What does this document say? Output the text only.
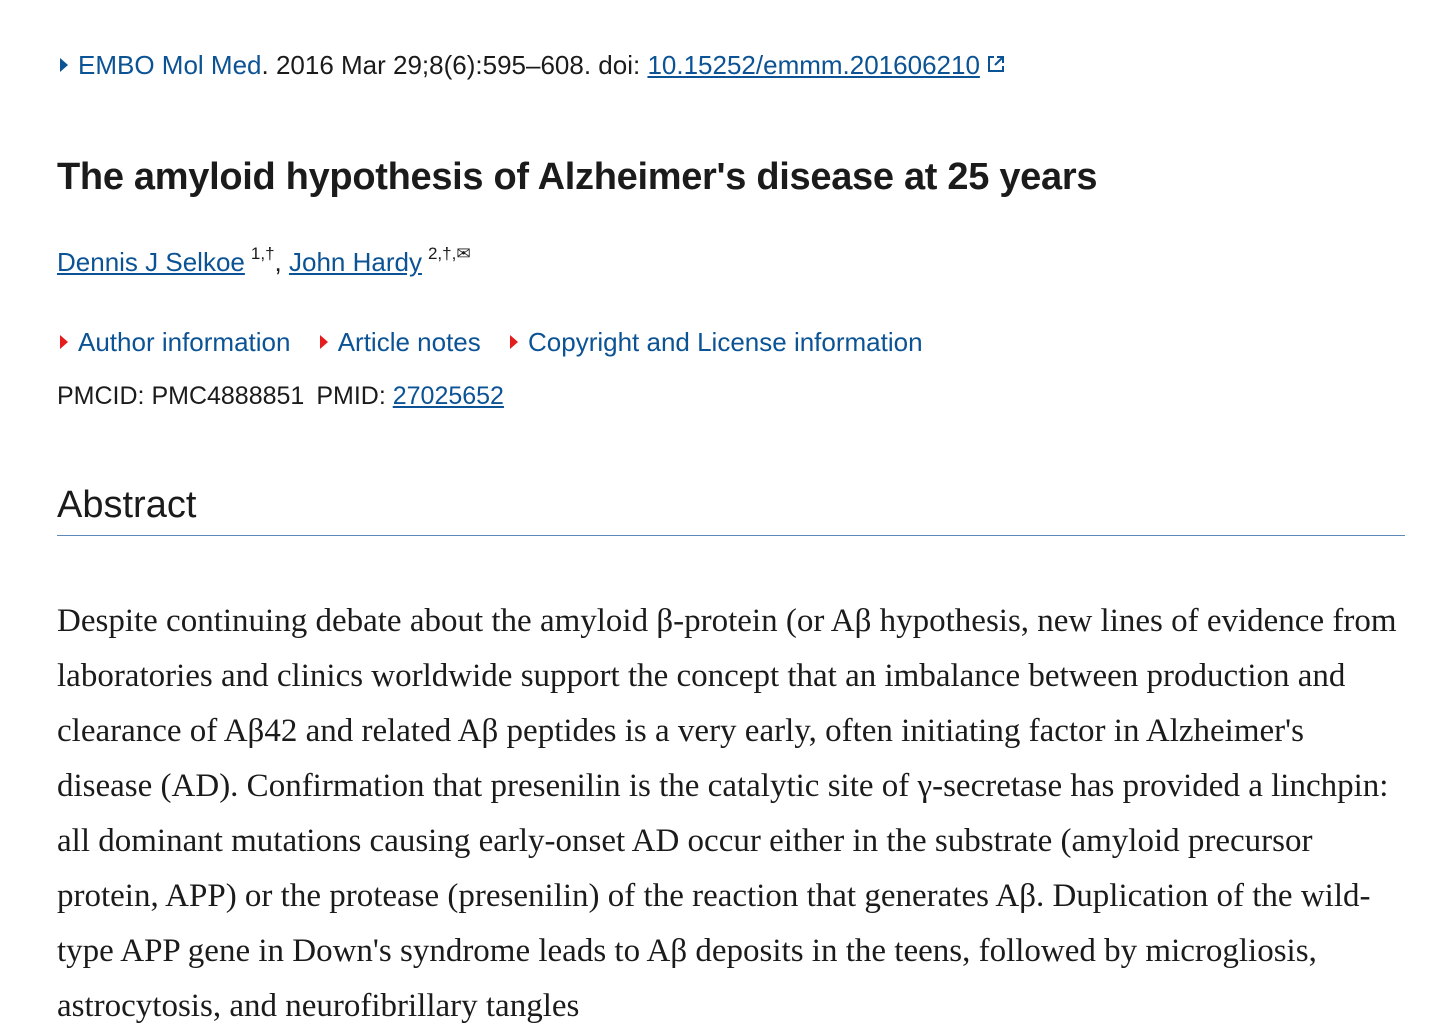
EMBO Mol Med. 2016 Mar 29;8(6):595–608. doi: 10.15252/emmm.201606210
The amyloid hypothesis of Alzheimer's disease at 25 years
Dennis J Selkoe $^{1,\dagger}$, John Hardy $^{2,\dagger,✉}$
Author information Article notes Copyright and License information
PMCID: PMC4888851 PMID: 27025652
Abstract

Despite continuing debate about the amyloid β-protein (or Aβ hypothesis, new lines of evidence from laboratories and clinics worldwide support the concept that an imbalance between production and clearance of Aβ42 and related Aβ peptides is a very early, often initiating factor in Alzheimer's disease (AD). Confirmation that presenilin is the catalytic site of γ-secretase has provided a linchpin: all dominant mutations causing early-onset AD occur either in the substrate (amyloid precursor protein, APP) or the protease (presenilin) of the reaction that generates Aβ. Duplication of the wild-type APP gene in Down's syndrome leads to Aβ deposits in the teens, followed by microgliosis, astrocytosis, and neurofibrillary tangles
